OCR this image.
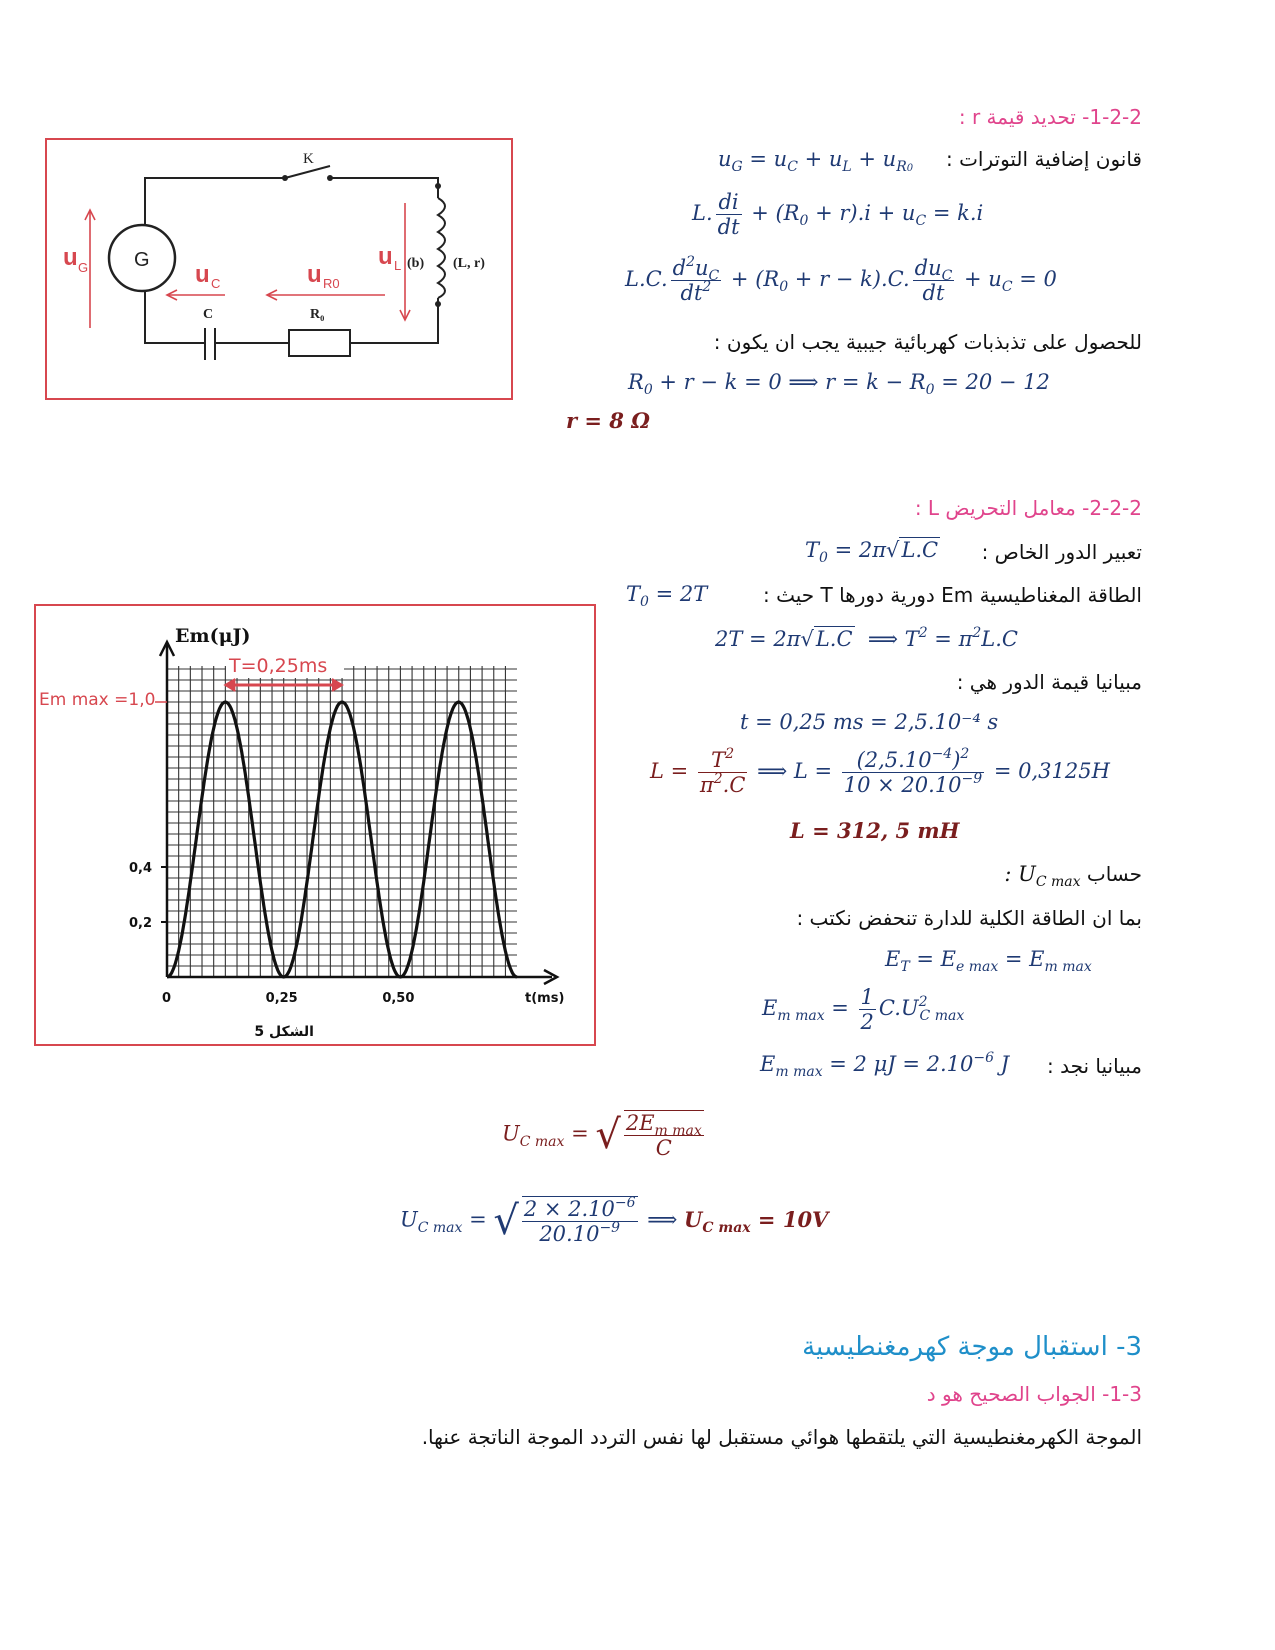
1-2-2- تحديد قيمة r :
قانون إضافية التوترات :
$u_G = u_C + u_L + u_{R0}$
L. $\frac{di}{dt} + (R_0 + r).i + u_C = k.i$
L.C. $\frac{d^2u_C}{dt^2} + (R_0 + r - k).C$. $\frac{du_C}{dt} + u_C = 0$
للحصول على تذبذبات كهربائية جيبية يجب ان يكون :
$R_0 + r - k = 0$ ⟹ $r = k - R_0 = 20 - 12$
r = 8 Ω
G
K
C	R₀
(b) (L, r)
u G	u C	u R0
u L
2-2-2- معامل التحريض L :
تعبير الدور الخاص :
$T_0 = 2\pi√L.C$
الطاقة المغناطيسية Em دورية دورها T حيث :
$T_0 = 2T$
2T = 2π√L.C  ⟹ $T^2 = \pi^2L.C$
مبيانيا قيمة الدور هي :
t = 0,25 ms = 2,5.10⁻⁴ s
$L = \frac{T^2}{\pi^2.C}$ ⟹ $L = \frac{(2,5.10^{-4})^2}{10 \times 20.10^{-9}} = 0,3125H$
L = 312, 5 mH
حساب $U_{C max}$ :
بما ان الطاقة الكلية للدارة تنحفض نكتب :
$E_T = E_{e max} = E_{m max}$
$E_{m max} = \frac{1}{2} C.U^2_{C max}$
مبيانيا نجد :
$E_{m max} = 2$ $\mu J = 2.10^{-6}$ J
$U_{C max}$ = √ $\frac{2E_{m max}}{C}$
$U_{C max}$ = √ $\frac{2 \times 2.10^{-6}}{20.10^{-9}}$ ⟹ $U_{C max} = 10V$
0	0,25	0,50
0,2
0,4
t(ms)
Em(μJ)
الشكل 5
Em max =1,0
T=0,25ms
3- استقبال موجة كهرمغنطيسية
1-3- الجواب الصحيح هو د
الموجة الكهرمغنطيسية التي يلتقطها هوائي مستقبل لها نفس التردد الموجة الناتجة عنها.
